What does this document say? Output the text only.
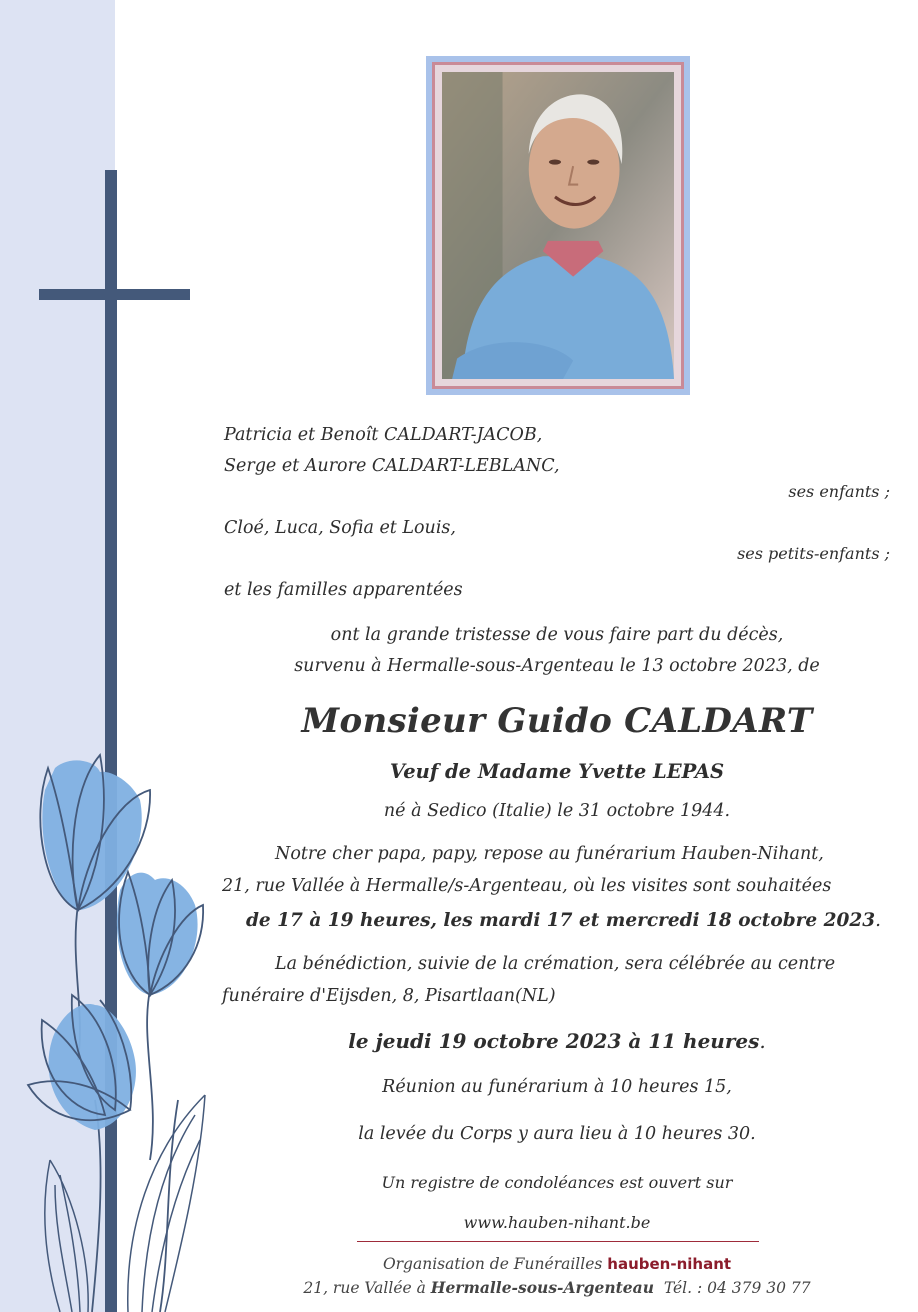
Patricia et Benoît CALDART-JACOB,
Serge et Aurore CALDART-LEBLANC,
ses enfants ;
Cloé, Luca, Sofia et Louis,
ses petits-enfants ;
et les familles apparentées
ont la grande tristesse de vous faire part du décès,
survenu à Hermalle-sous-Argenteau le 13 octobre 2023, de
Monsieur Guido CALDART
Veuf de Madame Yvette LEPAS
né à Sedico (Italie) le 31 octobre 1944.
Notre cher papa, papy, repose au funérarium Hauben-Nihant,
21, rue Vallée à Hermalle/s-Argenteau, où les visites sont souhaitées
de 17 à 19 heures, les mardi 17 et mercredi 18 octobre 2023.
La bénédiction, suivie de la crémation, sera célébrée au centre
funéraire d'Eijsden, 8, Pisartlaan(NL)
le jeudi 19 octobre 2023 à 11 heures.
Réunion au funérarium à 10 heures 15,
la levée du Corps y aura lieu à 10 heures 30.
Un registre de condoléances est ouvert sur
www.hauben-nihant.be
Organisation de Funérailles hauben-nihant
21, rue Vallée à Hermalle-sous-Argenteau Tél. : 04 379 30 77
